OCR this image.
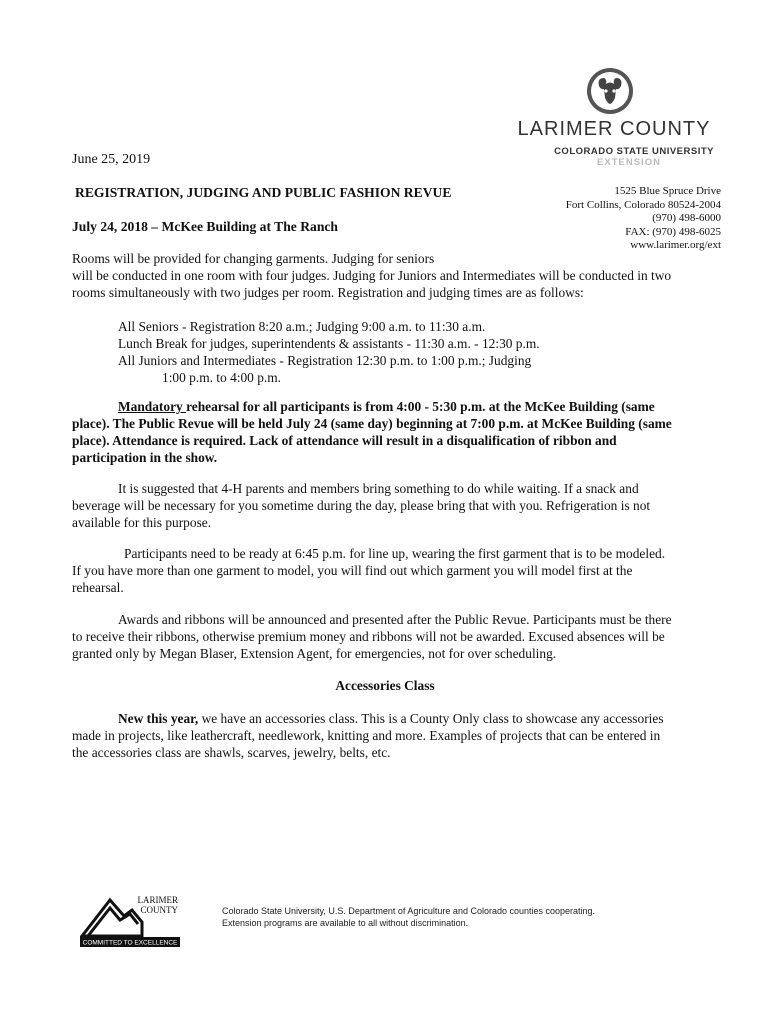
LARIMER COUNTY
COLORADO STATE UNIVERSITY
EXTENSION
1525 Blue Spruce Drive
Fort Collins, Colorado 80524-2004
(970) 498-6000
FAX: (970) 498-6025
www.larimer.org/ext
June 25, 2019
REGISTRATION, JUDGING AND PUBLIC FASHION REVUE
July 24, 2018 – McKee Building at The Ranch
Rooms will be provided for changing garments. Judging for seniors
will be conducted in one room with four judges. Judging for Juniors and Intermediates will be conducted in two
rooms simultaneously with two judges per room. Registration and judging times are as follows:
All Seniors - Registration 8:20 a.m.; Judging 9:00 a.m. to 11:30 a.m.
Lunch Break for judges, superintendents & assistants - 11:30 a.m. - 12:30 p.m.
All Juniors and Intermediates - Registration 12:30 p.m. to 1:00 p.m.; Judging
1:00 p.m. to 4:00 p.m.
Mandatory rehearsal for all participants is from 4:00 - 5:30 p.m. at the McKee Building (same
place). The Public Revue will be held July 24 (same day) beginning at 7:00 p.m. at McKee Building (same
place). Attendance is required. Lack of attendance will result in a disqualification of ribbon and
participation in the show.
It is suggested that 4-H parents and members bring something to do while waiting. If a snack and
beverage will be necessary for you sometime during the day, please bring that with you. Refrigeration is not
available for this purpose.
Participants need to be ready at 6:45 p.m. for line up, wearing the first garment that is to be modeled.
If you have more than one garment to model, you will find out which garment you will model first at the
rehearsal.
Awards and ribbons will be announced and presented after the Public Revue. Participants must be there
to receive their ribbons, otherwise premium money and ribbons will not be awarded. Excused absences will be
granted only by Megan Blaser, Extension Agent, for emergencies, not for over scheduling.
Accessories Class
New this year, we have an accessories class. This is a County Only class to showcase any accessories
made in projects, like leathercraft, needlework, knitting and more. Examples of projects that can be entered in
the accessories class are shawls, scarves, jewelry, belts, etc.
LARIMER
COUNTY
COMMITTED TO EXCELLENCE
Colorado State University, U.S. Department of Agriculture and Colorado counties cooperating.
Extension programs are available to all without discrimination.
